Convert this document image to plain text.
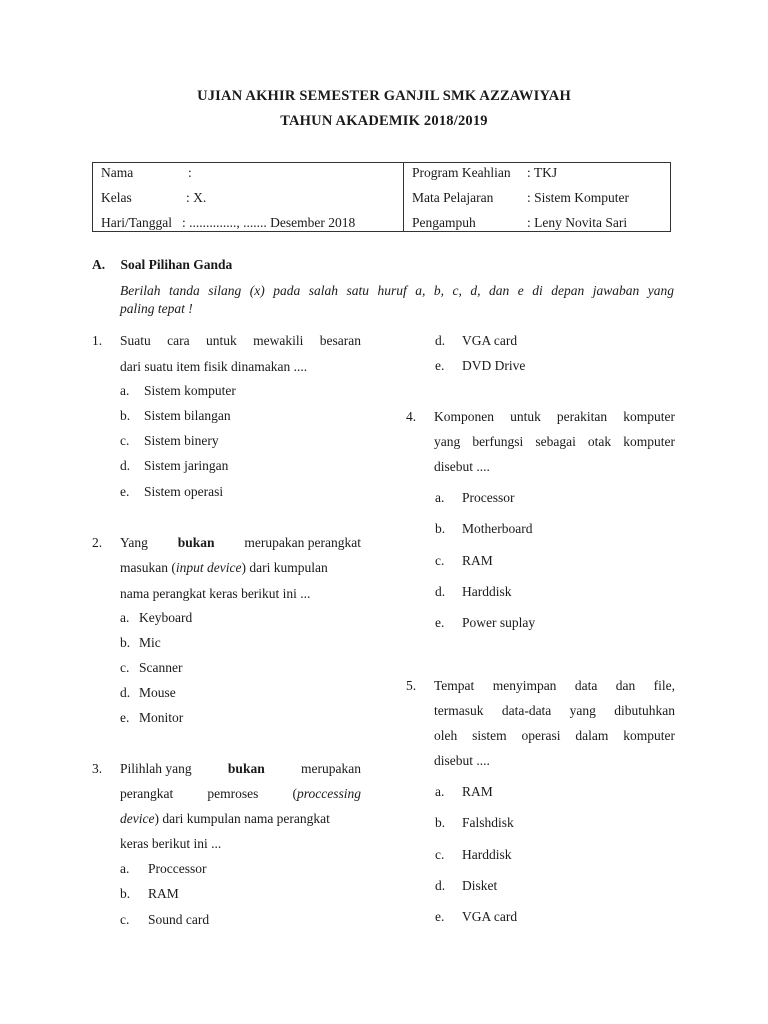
UJIAN AKHIR SEMESTER GANJIL SMK AZZAWIYAH
TAHUN AKADEMIK 2018/2019
Nama	:
Kelas	: X.
Hari/Tanggal : .............., ....... Desember 2018

Program Keahlian : TKJ
Mata Pelajaran : Sistem Komputer
Pengampuh	: Leny Novita Sari
A. Soal Pilihan Ganda
Berilah tanda silang (x) pada salah satu huruf a, b, c, d, dan e di depan jawaban yang
paling tepat !
1. Suatu cara untuk mewakili besaran
dari suatu item fisik dinamakan ....
a. Sistem komputer
b. Sistem bilangan
c. Sistem binery
d. Sistem jaringan
e. Sistem operasi
2. Yang bukan merupakan perangkat
masukan (input device) dari kumpulan
nama perangkat keras berikut ini ...
a. Keyboard
b. Mic
c. Scanner
d. Mouse
e. Monitor
3. Pilihlah yang	bukan	merupakan
perangkat	pemroses	(proccessing
device) dari kumpulan nama perangkat
keras berikut ini ...
a. Proccessor
b. RAM
c. Sound card
d. VGA card
e. DVD Drive
4. Komponen untuk perakitan komputer
yang berfungsi sebagai otak komputer
disebut ....
a. Processor
b. Motherboard
c. RAM
d. Harddisk
e. Power suplay
5. Tempat menyimpan data dan file,
termasuk data-data yang dibutuhkan
oleh sistem operasi dalam komputer
disebut ....
a. RAM
b. Falshdisk
c. Harddisk
d. Disket
e. VGA card
